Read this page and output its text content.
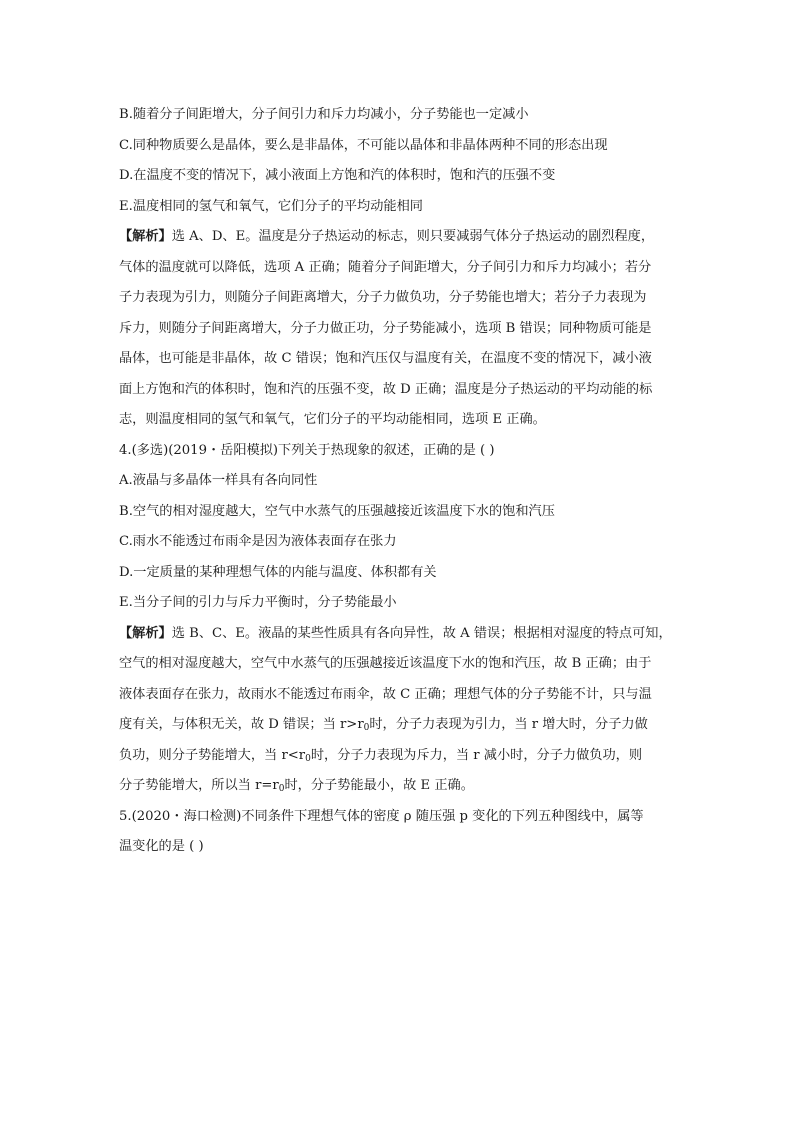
B.随着分子间距增大，分子间引力和斥力均减小，分子势能也一定减小
C.同种物质要么是晶体，要么是非晶体，不可能以晶体和非晶体两种不同的形态出现
D.在温度不变的情况下，减小液面上方饱和汽的体积时，饱和汽的压强不变
E.温度相同的氢气和氧气，它们分子的平均动能相同
【解析】选 A、D、E。温度是分子热运动的标志，则只要减弱气体分子热运动的剧烈程度，
气体的温度就可以降低，选项 A 正确；随着分子间距增大，分子间引力和斥力均减小；若分
子力表现为引力，则随分子间距离增大，分子力做负功，分子势能也增大；若分子力表现为
斥力，则随分子间距离增大，分子力做正功，分子势能减小，选项 B 错误；同种物质可能是
晶体，也可能是非晶体，故 C 错误；饱和汽压仅与温度有关，在温度不变的情况下，减小液
面上方饱和汽的体积时，饱和汽的压强不变，故 D 正确；温度是分子热运动的平均动能的标
志，则温度相同的氢气和氧气，它们分子的平均动能相同，选项 E 正确。
4.(多选)(2019・岳阳模拟)下列关于热现象的叙述，正确的是 ( )
A.液晶与多晶体一样具有各向同性
B.空气的相对湿度越大，空气中水蒸气的压强越接近该温度下水的饱和汽压
C.雨水不能透过布雨伞是因为液体表面存在张力
D.一定质量的某种理想气体的内能与温度、体积都有关
E.当分子间的引力与斥力平衡时，分子势能最小
【解析】选 B、C、E。液晶的某些性质具有各向异性，故 A 错误；根据相对湿度的特点可知，
空气的相对湿度越大，空气中水蒸气的压强越接近该温度下水的饱和汽压，故 B 正确；由于
液体表面存在张力，故雨水不能透过布雨伞，故 C 正确；理想气体的分子势能不计，只与温
度有关，与体积无关，故 D 错误；当 $r>r_0$时，分子力表现为引力，当 r 增大时，分子力做
负功，则分子势能增大，当 $r<r_0$时，分子力表现为斥力，当 r 减小时，分子力做负功，则
分子势能增大，所以当 $r=r_0$时，分子势能最小，故 E 正确。
5.(2020・海口检测)不同条件下理想气体的密度 ρ 随压强 p 变化的下列五种图线中，属等
温变化的是 ( )
